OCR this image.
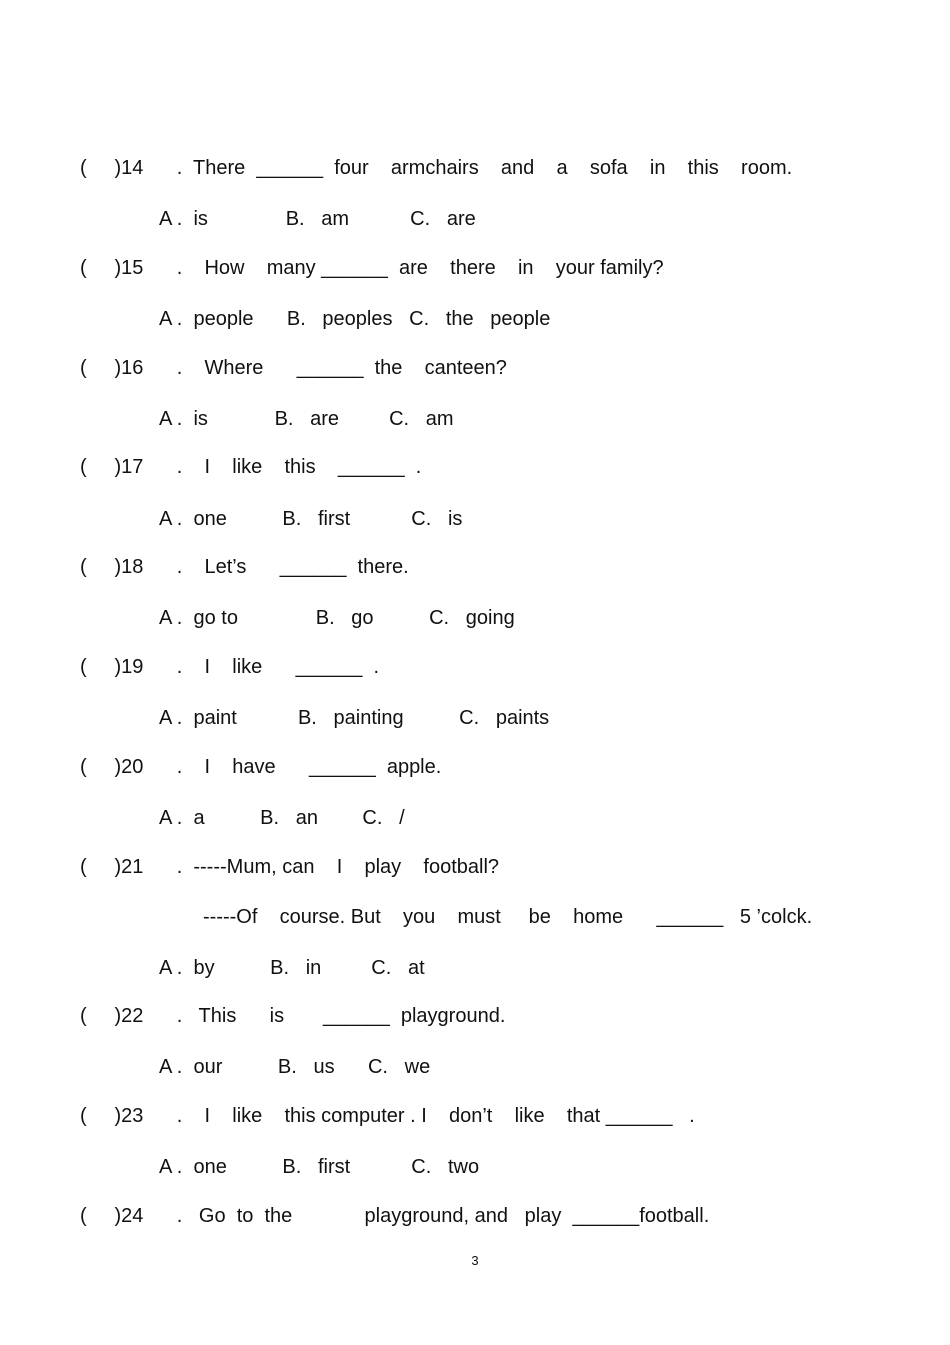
(     )14      .  There  ______  four    armchairs    and    a    sofa    in    this    room.
A .  is              B.   am           C.   are
(     )15      .    How    many ______  are    there    in    your family?
A .  people      B.   peoples   C.   the   people
(     )16      .    Where      ______  the    canteen?
A .  is            B.   are         C.   am
(     )17      .    I    like    this    ______  .
A .  one          B.   first           C.   is
(     )18      .    Let’s      ______  there.
A .  go to              B.   go          C.   going
(     )19      .    I    like      ______  .
A .  paint           B.   painting          C.   paints
(     )20      .    I    have      ______  apple.
A .  a          B.   an        C.   /
(     )21      .  -----Mum, can    I    play    football?
-----Of    course. But    you    must     be    home      ______   5 ’colck.
A .  by          B.   in         C.   at
(     )22      .   This      is       ______  playground.
A .  our          B.   us      C.   we
(     )23      .    I    like    this computer . I    don’t    like    that ______   .
A .  one          B.   first           C.   two
(     )24      .   Go  to  the             playground, and   play  ______football.
3
